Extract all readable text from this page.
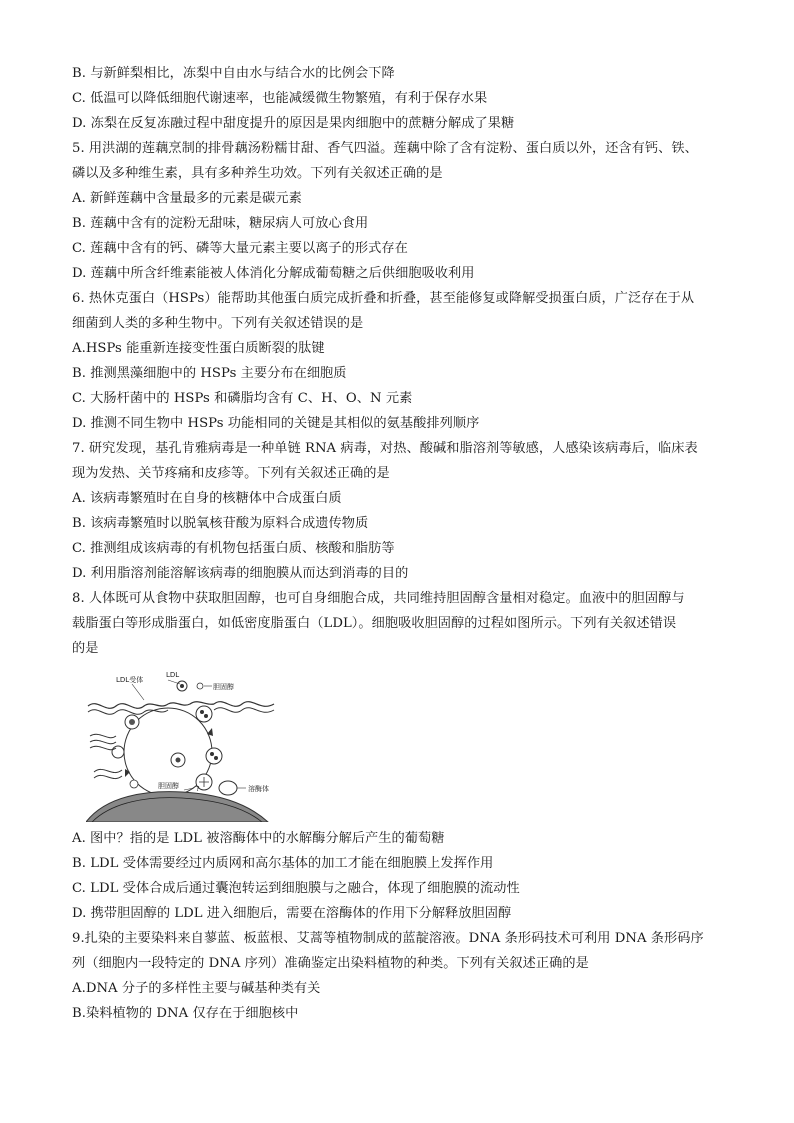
B. 与新鲜梨相比，冻梨中自由水与结合水的比例会下降
C. 低温可以降低细胞代谢速率，也能减缓微生物繁殖，有利于保存水果
D. 冻梨在反复冻融过程中甜度提升的原因是果肉细胞中的蔗糖分解成了果糖
5. 用洪湖的莲藕烹制的排骨藕汤粉糯甘甜、香气四溢。莲藕中除了含有淀粉、蛋白质以外，还含有钙、铁、
磷以及多种维生素，具有多种养生功效。下列有关叙述正确的是
A. 新鲜莲藕中含量最多的元素是碳元素
B. 莲藕中含有的淀粉无甜味，糖尿病人可放心食用
C. 莲藕中含有的钙、磷等大量元素主要以离子的形式存在
D. 莲藕中所含纤维素能被人体消化分解成葡萄糖之后供细胞吸收利用
6. 热休克蛋白（HSPs）能帮助其他蛋白质完成折叠和折叠，甚至能修复或降解受损蛋白质，广泛存在于从
细菌到人类的多种生物中。下列有关叙述错误的是
A.HSPs 能重新连接变性蛋白质断裂的肽键
B. 推测黑藻细胞中的 HSPs 主要分布在细胞质
C. 大肠杆菌中的 HSPs 和磷脂均含有 C、H、O、N 元素
D. 推测不同生物中 HSPs 功能相同的关键是其相似的氨基酸排列顺序
7. 研究发现，基孔肯雅病毒是一种单链 RNA 病毒，对热、酸碱和脂溶剂等敏感，人感染该病毒后，临床表
现为发热、关节疼痛和皮疹等。下列有关叙述正确的是
A. 该病毒繁殖时在自身的核糖体中合成蛋白质
B. 该病毒繁殖时以脱氧核苷酸为原料合成遗传物质
C. 推测组成该病毒的有机物包括蛋白质、核酸和脂肪等
D. 利用脂溶剂能溶解该病毒的细胞膜从而达到消毒的目的
8. 人体既可从食物中获取胆固醇，也可自身细胞合成，共同维持胆固醇含量相对稳定。血液中的胆固醇与
载脂蛋白等形成脂蛋白，如低密度脂蛋白（LDL）。细胞吸收胆固醇的过程如图所示。下列有关叙述错误
的是
LDL
LDL受体
胆固醇
溶酶体
胆固醇 ?
A. 图中？指的是 LDL 被溶酶体中的水解酶分解后产生的葡萄糖
B. LDL 受体需要经过内质网和高尔基体的加工才能在细胞膜上发挥作用
C. LDL 受体合成后通过囊泡转运到细胞膜与之融合，体现了细胞膜的流动性
D. 携带胆固醇的 LDL 进入细胞后，需要在溶酶体的作用下分解释放胆固醇
9.扎染的主要染料来自蓼蓝、板蓝根、艾蒿等植物制成的蓝靛溶液。DNA 条形码技术可利用 DNA 条形码序
列（细胞内一段特定的 DNA 序列）准确鉴定出染料植物的种类。下列有关叙述正确的是
A.DNA 分子的多样性主要与碱基种类有关
B.染料植物的 DNA 仅存在于细胞核中
